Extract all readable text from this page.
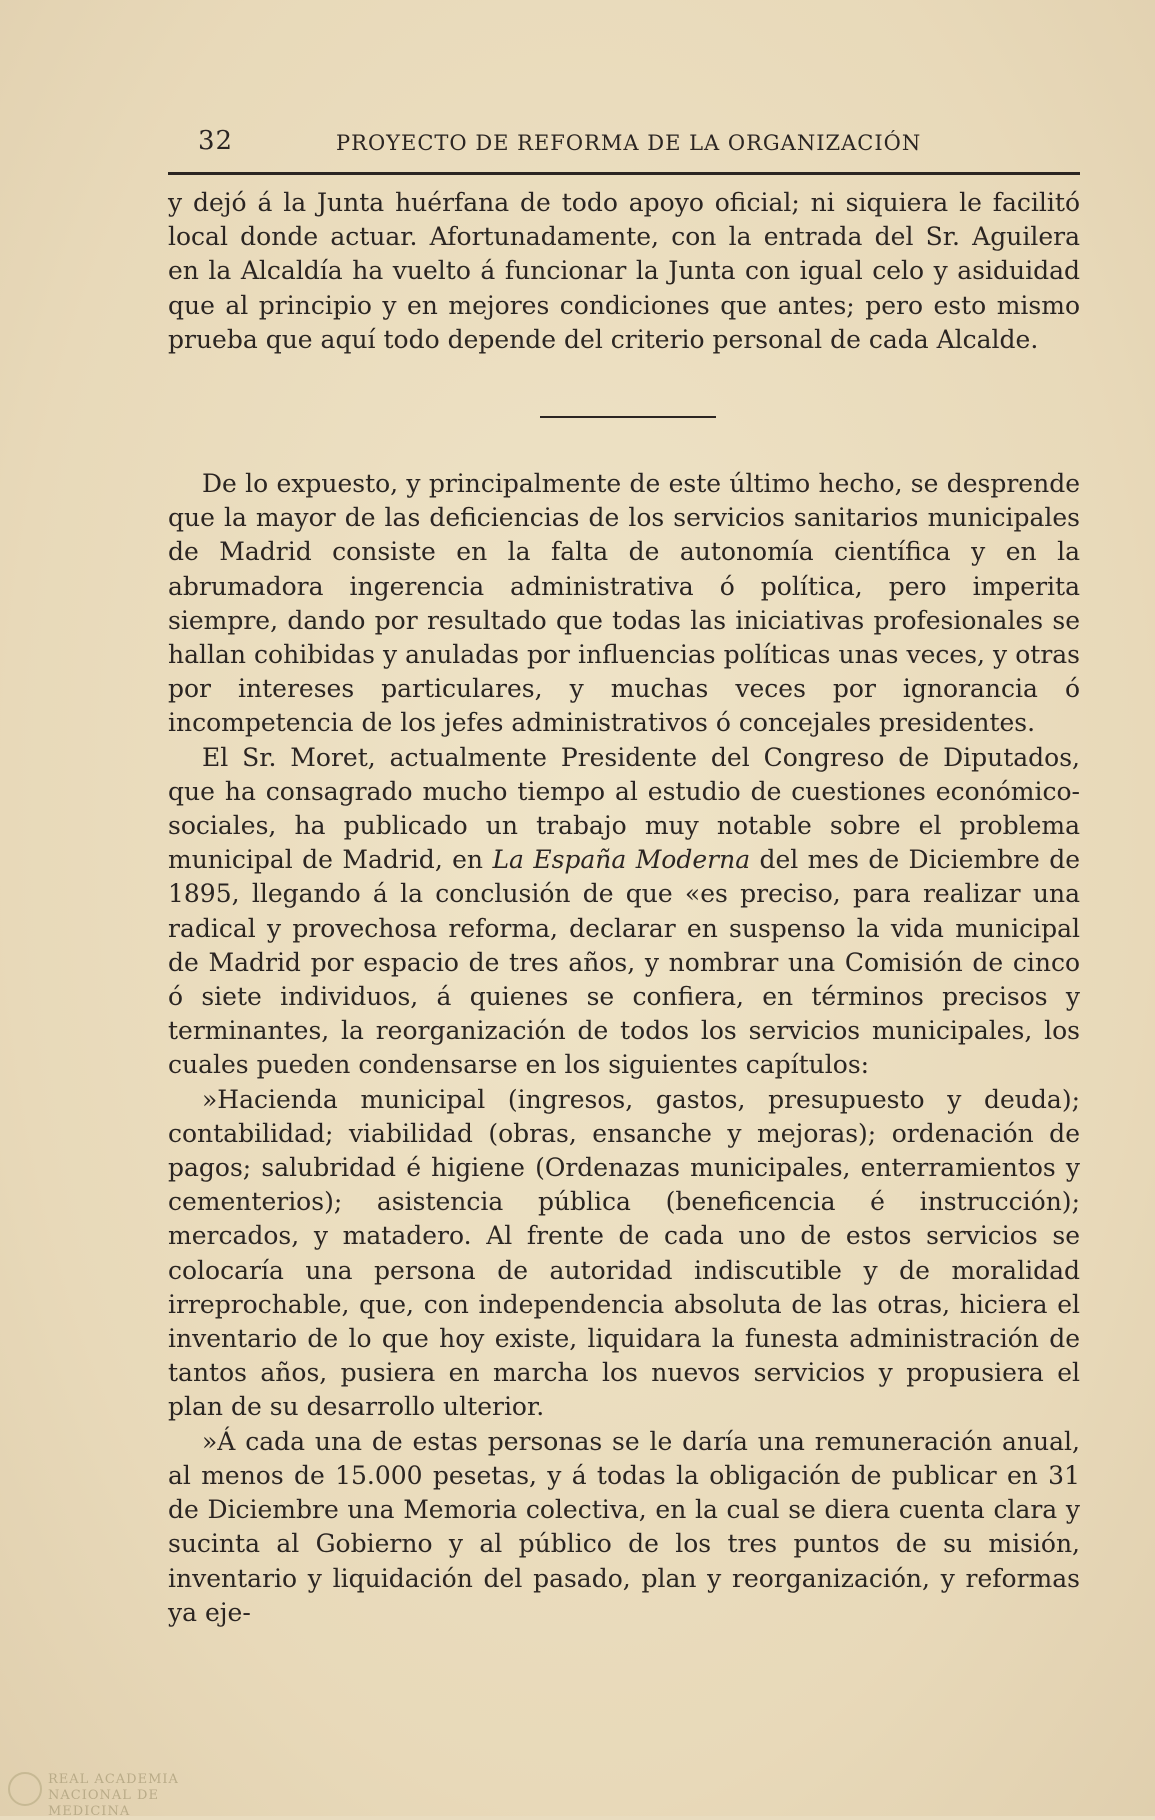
32	PROYECTO DE REFORMA DE LA ORGANIZACIÓN

y dejó á la Junta huérfana de todo apoyo oficial; ni siquiera le facilitó local donde actuar. Afortunadamente, con la entrada del Sr. Aguilera en la Alcaldía ha vuelto á funcionar la Junta con igual celo y asiduidad que al principio y en mejores condiciones que antes; pero esto mismo prueba que aquí todo depende del criterio personal de cada Alcalde.

De lo expuesto, y principalmente de este último hecho, se desprende que la mayor de las deficiencias de los servicios sanitarios municipales de Madrid consiste en la falta de autonomía científica y en la abrumadora ingerencia administrativa ó política, pero imperita siempre, dando por resultado que todas las iniciativas profesionales se hallan cohibidas y anuladas por influencias políticas unas veces, y otras por intereses particulares, y muchas veces por ignorancia ó incompetencia de los jefes administrativos ó concejales presidentes.

El Sr. Moret, actualmente Presidente del Congreso de Diputados, que ha consagrado mucho tiempo al estudio de cuestiones económico-sociales, ha publicado un trabajo muy notable sobre el problema municipal de Madrid, en La España Moderna del mes de Diciembre de 1895, llegando á la conclusión de que «es preciso, para realizar una radical y provechosa reforma, declarar en suspenso la vida municipal de Madrid por espacio de tres años, y nombrar una Comisión de cinco ó siete individuos, á quienes se confiera, en términos precisos y terminantes, la reorganización de todos los servicios municipales, los cuales pueden condensarse en los siguientes capítulos:

»Hacienda municipal (ingresos, gastos, presupuesto y deuda); contabilidad; viabilidad (obras, ensanche y mejoras); ordenación de pagos; salubridad é higiene (Ordenazas municipales, enterramientos y cementerios); asistencia pública (beneficencia é instrucción); mercados, y matadero. Al frente de cada uno de estos servicios se colocaría una persona de autoridad indiscutible y de moralidad irreprochable, que, con independencia absoluta de las otras, hiciera el inventario de lo que hoy existe, liquidara la funesta administración de tantos años, pusiera en marcha los nuevos servicios y propusiera el plan de su desarrollo ulterior.

»Á cada una de estas personas se le daría una remuneración anual, al menos de 15.000 pesetas, y á todas la obligación de publicar en 31 de Diciembre una Memoria colectiva, en la cual se diera cuenta clara y sucinta al Gobierno y al público de los tres puntos de su misión, inventario y liquidación del pasado, plan y reorganización, y reformas ya eje-

REAL ACADEMIA
NACIONAL DE MEDICINA
